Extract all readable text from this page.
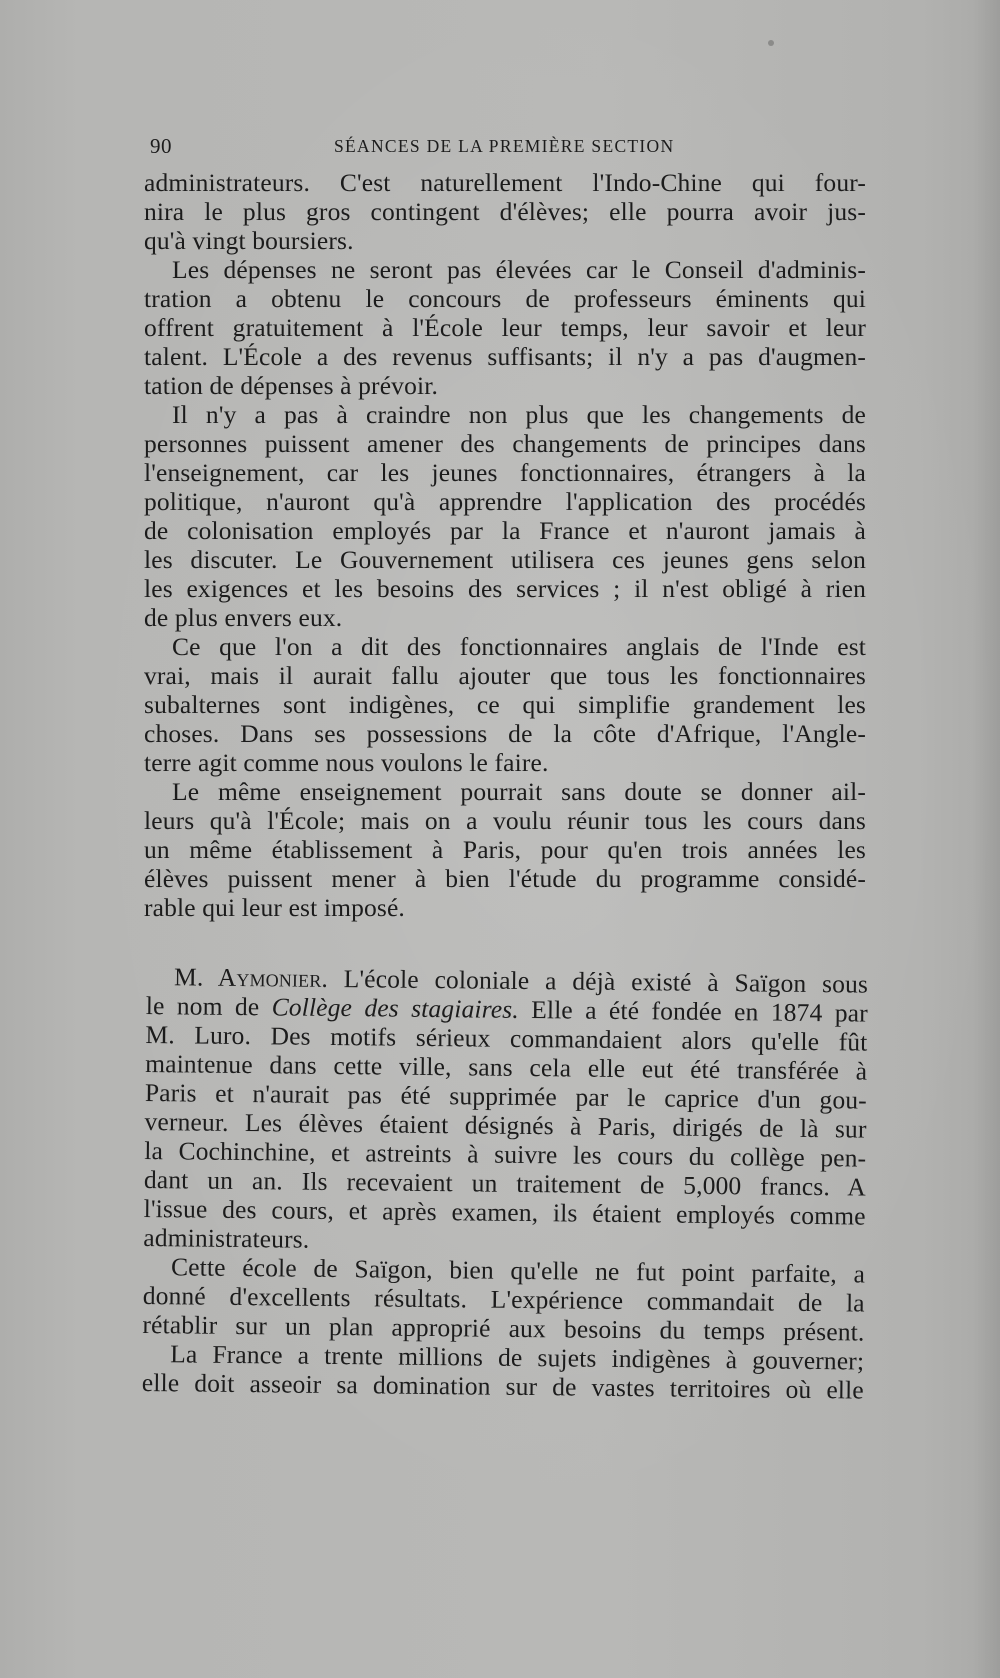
90	SÉANCES DE LA PREMIÈRE SECTION
administrateurs. C'est naturellement l'Indo-Chine qui four-
nira le plus gros contingent d'élèves; elle pourra avoir jus-
qu'à vingt boursiers.
Les dépenses ne seront pas élevées car le Conseil d'adminis-
tration a obtenu le concours de professeurs éminents qui
offrent gratuitement à l'École leur temps, leur savoir et leur
talent. L'École a des revenus suffisants; il n'y a pas d'augmen-
tation de dépenses à prévoir.
Il n'y a pas à craindre non plus que les changements de
personnes puissent amener des changements de principes dans
l'enseignement, car les jeunes fonctionnaires, étrangers à la
politique, n'auront qu'à apprendre l'application des procédés
de colonisation employés par la France et n'auront jamais à
les discuter. Le Gouvernement utilisera ces jeunes gens selon
les exigences et les besoins des services ; il n'est obligé à rien
de plus envers eux.
Ce que l'on a dit des fonctionnaires anglais de l'Inde est
vrai, mais il aurait fallu ajouter que tous les fonctionnaires
subalternes sont indigènes, ce qui simplifie grandement les
choses. Dans ses possessions de la côte d'Afrique, l'Angle-
terre agit comme nous voulons le faire.
Le même enseignement pourrait sans doute se donner ail-
leurs qu'à l'École; mais on a voulu réunir tous les cours dans
un même établissement à Paris, pour qu'en trois années les
élèves puissent mener à bien l'étude du programme considé-
rable qui leur est imposé.
M. Aymonier. L'école coloniale a déjà existé à Saïgon sous
le nom de Collège des stagiaires. Elle a été fondée en 1874 par
M. Luro. Des motifs sérieux commandaient alors qu'elle fût
maintenue dans cette ville, sans cela elle eut été transférée à
Paris et n'aurait pas été supprimée par le caprice d'un gou-
verneur. Les élèves étaient désignés à Paris, dirigés de là sur
la Cochinchine, et astreints à suivre les cours du collège pen-
dant un an. Ils recevaient un traitement de 5,000 francs. A
l'issue des cours, et après examen, ils étaient employés comme
administrateurs.
Cette école de Saïgon, bien qu'elle ne fut point parfaite, a
donné d'excellents résultats. L'expérience commandait de la
rétablir sur un plan approprié aux besoins du temps présent.
La France a trente millions de sujets indigènes à gouverner;
elle doit asseoir sa domination sur de vastes territoires où elle
